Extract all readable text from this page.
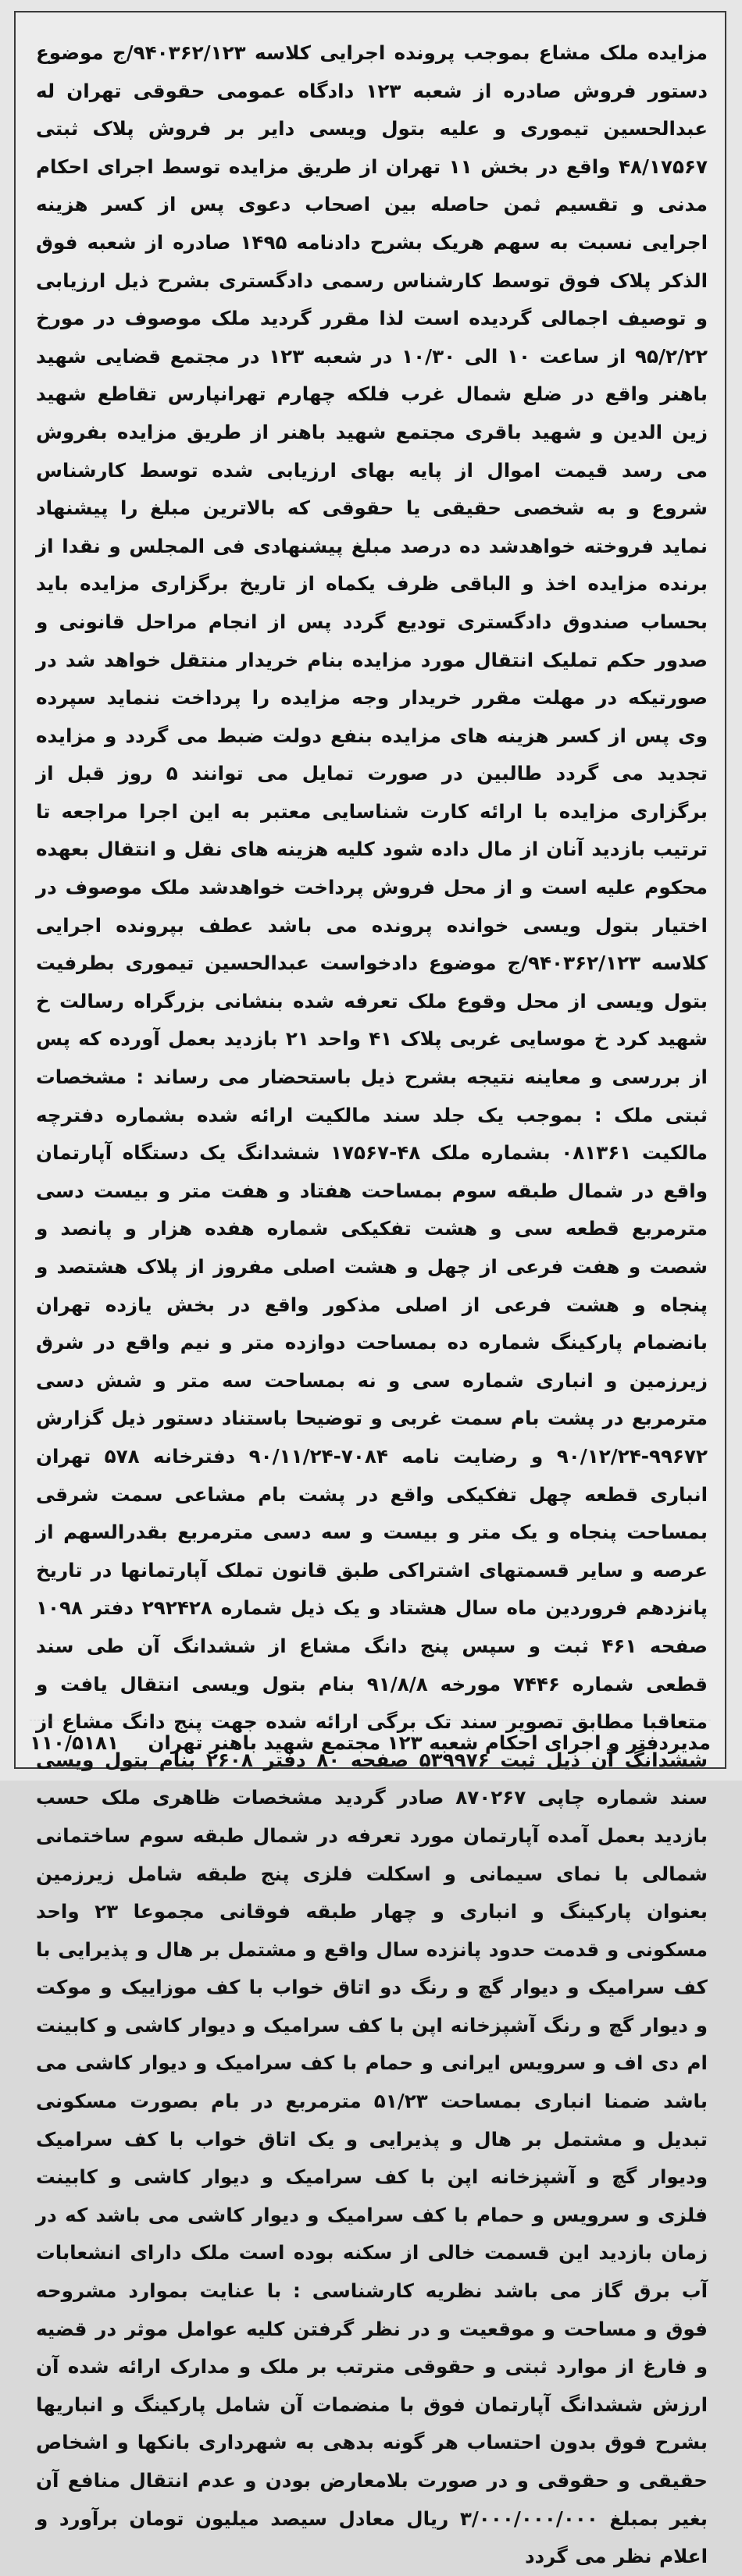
مزایده ملک مشاع بموجب پرونده اجرایی کلاسه ۹۴۰۳۶۲/۱۲۳/ج موضوع دستور فروش صادره از شعبه ۱۲۳ دادگاه عمومی حقوقی تهران له عبدالحسین تیموری و علیه بتول ویسی دایر بر فروش پلاک ثبتی ۴۸/۱۷۵۶۷ واقع در بخش ۱۱ تهران از طریق مزایده توسط اجرای احکام مدنی و تقسیم ثمن حاصله بین اصحاب دعوی پس از کسر هزینه اجرایی نسبت به سهم هریک بشرح دادنامه ۱۴۹۵ صادره از شعبه فوق الذکر پلاک فوق توسط کارشناس رسمی دادگستری بشرح ذیل ارزیابی و توصیف اجمالی گردیده است لذا مقرر گردید ملک موصوف در مورخ ۹۵/۲/۲۲ از ساعت ۱۰ الی ۱۰/۳۰ در شعبه ۱۲۳ در مجتمع قضایی شهید باهنر واقع در ضلع شمال غرب فلکه چهارم تهرانپارس تقاطع شهید زین الدین و شهید باقری مجتمع شهید باهنر از طریق مزایده بفروش می رسد قیمت اموال از پایه بهای ارزیابی شده توسط کارشناس شروع و به شخصی حقیقی یا حقوقی که بالاترین مبلغ را پیشنهاد نماید فروخته خواهدشد ده درصد مبلغ پیشنهادی فی المجلس و نقدا از برنده مزایده اخذ و الباقی ظرف یکماه از تاریخ برگزاری مزایده باید بحساب صندوق دادگستری تودیع گردد پس از انجام مراحل قانونی و صدور حکم تملیک انتقال مورد مزایده بنام خریدار منتقل خواهد شد در صورتیکه در مهلت مقرر خریدار وجه مزایده را پرداخت ننماید سپرده وی پس از کسر هزینه های مزایده بنفع دولت ضبط می گردد و مزایده تجدید می گردد طالبین در صورت تمایل می توانند ۵ روز قبل از برگزاری مزایده با ارائه کارت شناسایی معتبر به این اجرا مراجعه تا ترتیب بازدید آنان از مال داده شود کلیه هزینه های نقل و انتقال بعهده محکوم علیه است و از محل فروش پرداخت خواهدشد ملک موصوف در اختیار بتول ویسی خوانده پرونده می باشد عطف بپرونده اجرایی کلاسه ۹۴۰۳۶۲/۱۲۳/ج موضوع دادخواست عبدالحسین تیموری بطرفیت بتول ویسی از محل وقوع ملک تعرفه شده بنشانی بزرگراه رسالت خ شهید کرد خ موسایی غربی پلاک ۴۱ واحد ۲۱ بازدید بعمل آورده که پس از بررسی و معاینه نتیجه بشرح ذیل باستحضار می رساند : مشخصات ثبتی ملک : بموجب یک جلد سند مالکیت ارائه شده بشماره دفترچه مالکیت ۰۸۱۳۶۱ بشماره ملک ۴۸-۱۷۵۶۷ ششدانگ یک دستگاه آپارتمان واقع در شمال طبقه سوم بمساحت هفتاد و هفت متر و بیست دسی مترمربع قطعه سی و هشت تفکیکی شماره هفده هزار و پانصد و شصت و هفت فرعی از چهل و هشت اصلی مفروز از پلاک هشتصد و پنجاه و هشت فرعی از اصلی مذکور واقع در بخش یازده تهران بانضمام پارکینگ شماره ده بمساحت دوازده متر و نیم واقع در شرق زیرزمین و انباری شماره سی و نه بمساحت سه متر و شش دسی مترمربع در پشت بام سمت غربی و توضیحا باستناد دستور ذیل گزارش ۹۹۶۷۲-۹۰/۱۲/۲۴ و رضایت نامه ۷۰۸۴-۹۰/۱۱/۲۴ دفترخانه ۵۷۸ تهران انباری قطعه چهل تفکیکی واقع در پشت بام مشاعی سمت شرقی بمساحت پنجاه و یک متر و بیست و سه دسی مترمربع بقدرالسهم از عرصه و سایر قسمتهای اشتراکی طبق قانون تملک آپارتمانها در تاریخ پانزدهم فروردین ماه سال هشتاد و یک ذیل شماره ۲۹۲۴۲۸ دفتر ۱۰۹۸ صفحه ۴۶۱ ثبت و سپس پنج دانگ مشاع از ششدانگ آن طی سند قطعی شماره ۷۴۴۶ مورخه ۹۱/۸/۸ بنام بتول ویسی انتقال یافت و متعاقبا مطابق تصویر سند تک برگی ارائه شده جهت پنج دانگ مشاع از ششدانگ آن ذیل ثبت ۵۳۹۹۷۶ صفحه ۸۰ دفتر ۲۶۰۸ بنام بتول ویسی سند شماره چاپی ۸۷۰۲۶۷ صادر گردید مشخصات ظاهری ملک حسب بازدید بعمل آمده آپارتمان مورد تعرفه در شمال طبقه سوم ساختمانی شمالی با نمای سیمانی و اسکلت فلزی پنج طبقه شامل زیرزمین بعنوان پارکینگ و انباری و چهار طبقه فوقانی مجموعا ۲۳ واحد مسکونی و قدمت حدود پانزده سال واقع و مشتمل بر هال و پذیرایی با کف سرامیک و دیوار گچ و رنگ دو اتاق خواب با کف موزاییک و موکت و دیوار گچ و رنگ آشپزخانه اپن با کف سرامیک و دیوار کاشی و کابینت ام دی اف و سرویس ایرانی و حمام با کف سرامیک و دیوار کاشی می باشد ضمنا انباری بمساحت ۵۱/۲۳ مترمربع در بام بصورت مسکونی تبدیل و مشتمل بر هال و پذیرایی و یک اتاق خواب با کف سرامیک ودیوار گچ و آشپزخانه اپن با کف سرامیک و دیوار کاشی و کابینت فلزی و سرویس و حمام با کف سرامیک و دیوار کاشی می باشد که در زمان بازدید این قسمت خالی از سکنه بوده است ملک دارای انشعابات آب برق گاز می باشد نظریه کارشناسی : با عنایت بموارد مشروحه فوق و مساحت و موقعیت و در نظر گرفتن کلیه عوامل موثر در قضیه و فارغ از موارد ثبتی و حقوقی مترتب بر ملک و مدارک ارائه شده آن ارزش ششدانگ آپارتمان فوق با منضمات آن شامل پارکینگ و انباریها بشرح فوق بدون احتساب هر گونه بدهی به شهرداری بانکها و اشخاص حقیقی و حقوقی و در صورت بلامعارض بودن و عدم انتقال منافع آن بغیر بمبلغ ۳/۰۰۰/۰۰۰/۰۰۰ ریال معادل سیصد میلیون تومان برآورد و اعلام نظر می گردد

مدیردفتر و اجرای احکام شعبه ۱۲۳ مجتمع شهید باهنر تهران
۱۱۰/۵۱۸۱
